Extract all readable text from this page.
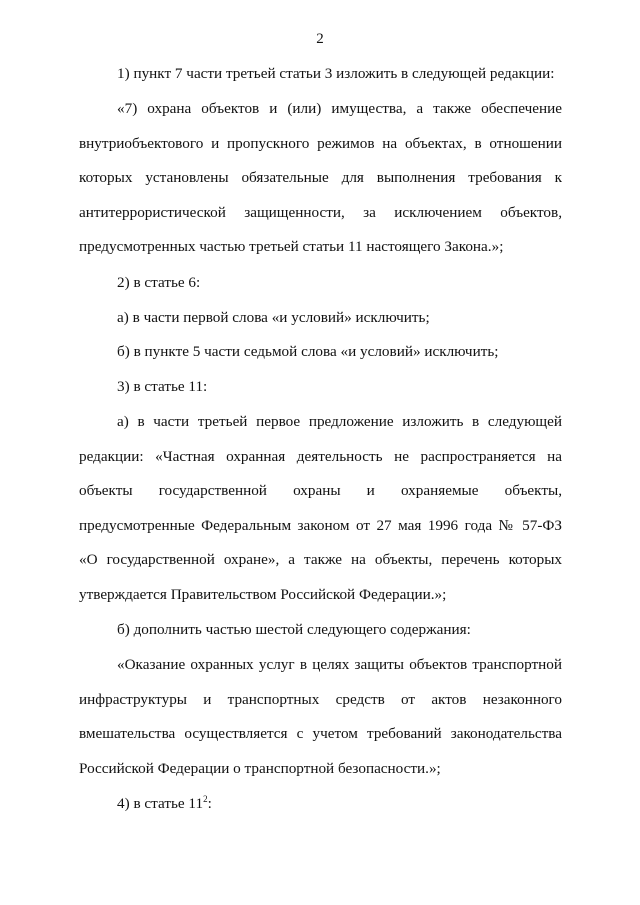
2

1) пункт 7 части третьей статьи 3 изложить в следующей редакции:

«7) охрана объектов и (или) имущества, а также обеспечение
внутриобъектового и пропускного режимов на объектах, в отношении
которых установлены обязательные для выполнения требования к
антитеррористической защищенности, за исключением объектов,
предусмотренных частью третьей статьи 11 настоящего Закона.»;

2) в статье 6:

а) в части первой слова «и условий» исключить;

б) в пункте 5 части седьмой слова «и условий» исключить;

3) в статье 11:

а) в части третьей первое предложение изложить в следующей
редакции: «Частная охранная деятельность не распространяется на
объекты государственной охраны и охраняемые объекты,
предусмотренные Федеральным законом от 27 мая 1996 года № 57-ФЗ
«О государственной охране», а также на объекты, перечень которых
утверждается Правительством Российской Федерации.»;

б) дополнить частью шестой следующего содержания:

«Оказание охранных услуг в целях защиты объектов транспортной
инфраструктуры и транспортных средств от актов незаконного
вмешательства осуществляется с учетом требований законодательства
Российской Федерации о транспортной безопасности.»;

4) в статье $11^2$:
